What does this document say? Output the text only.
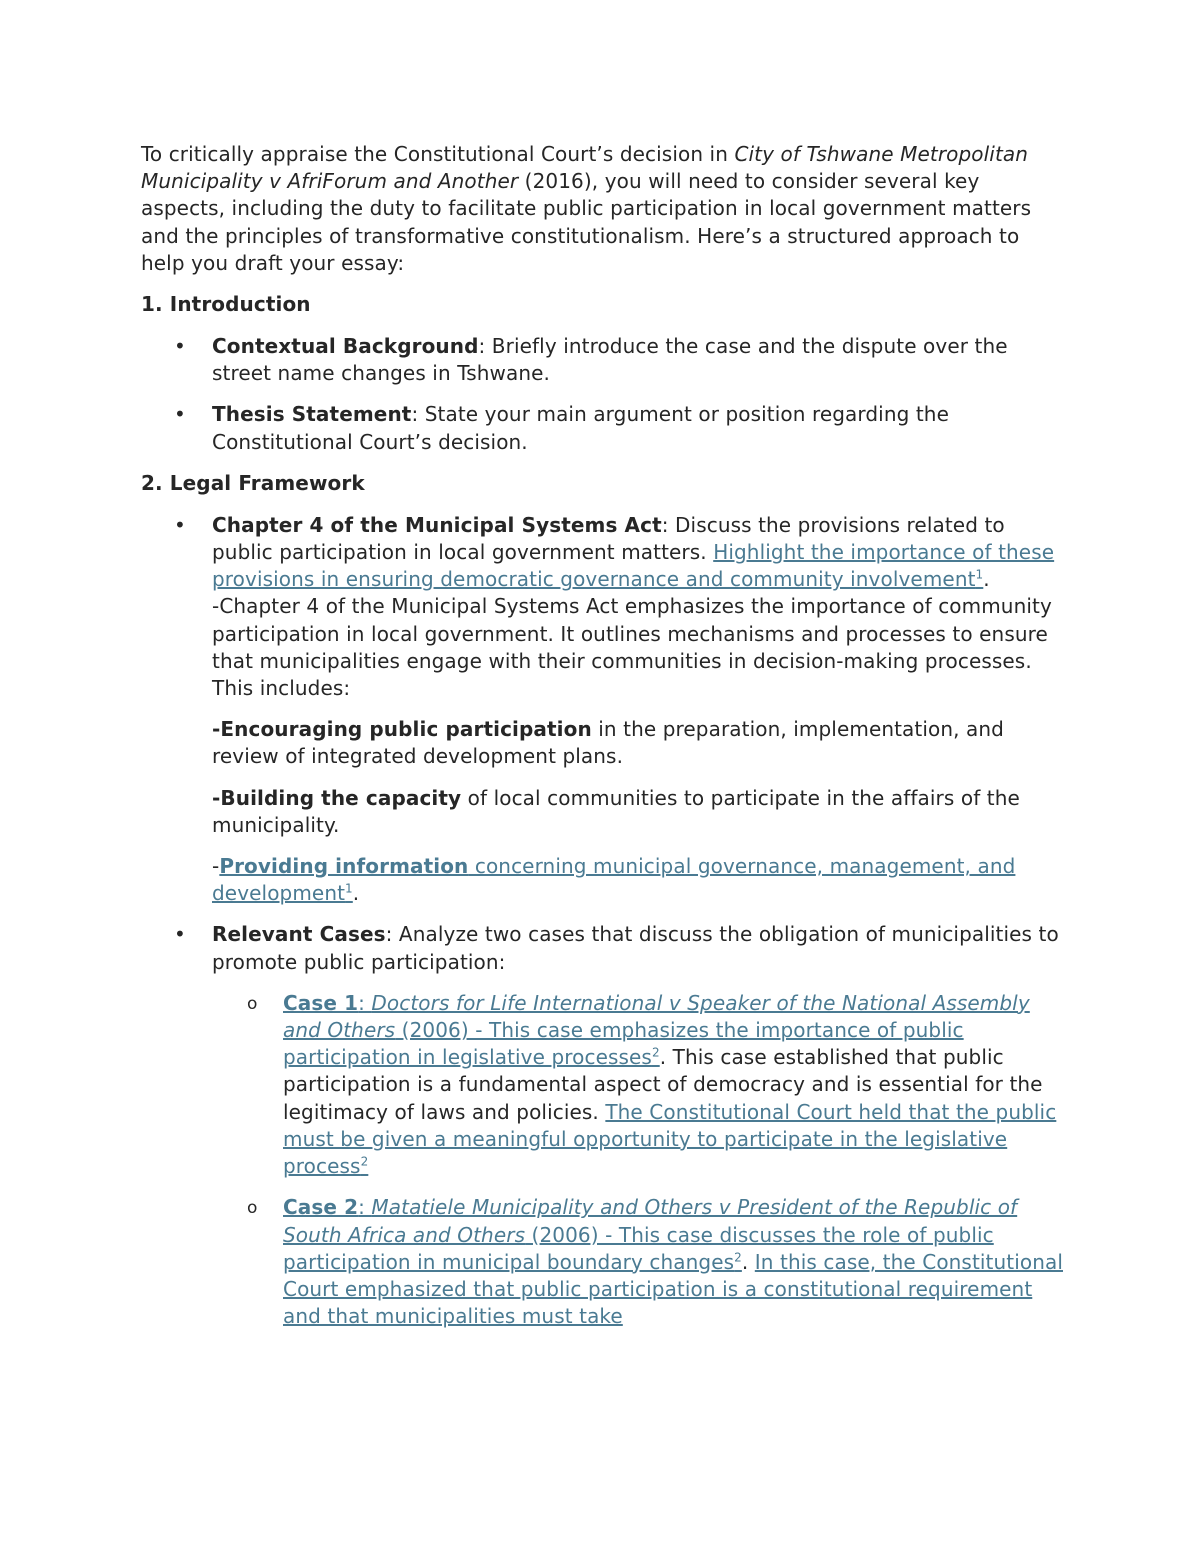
To critically appraise the Constitutional Court’s decision in City of Tshwane Metropolitan Municipality v AfriForum and Another (2016), you will need to consider several key aspects, including the duty to facilitate public participation in local government matters and the principles of transformative constitutionalism. Here’s a structured approach to help you draft your essay:

1. Introduction
• Contextual Background: Briefly introduce the case and the dispute over the street name changes in Tshwane.
• Thesis Statement: State your main argument or position regarding the Constitutional Court’s decision.
2. Legal Framework
• Chapter 4 of the Municipal Systems Act: Discuss the provisions related to public participation in local government matters. Highlight the importance of these provisions in ensuring democratic governance and community involvement$^1$.
-Chapter 4 of the Municipal Systems Act emphasizes the importance of community participation in local government. It outlines mechanisms and processes to ensure that municipalities engage with their communities in decision-making processes. This includes:

-Encouraging public participation in the preparation, implementation, and review of integrated development plans.

-Building the capacity of local communities to participate in the affairs of the municipality.

-Providing information concerning municipal governance, management, and development$^1$.

• Relevant Cases: Analyze two cases that discuss the obligation of municipalities to promote public participation:
o Case 1: Doctors for Life International v Speaker of the National Assembly and Others (2006) - This case emphasizes the importance of public participation in legislative processes$^2$. This case established that public participation is a fundamental aspect of democracy and is essential for the legitimacy of laws and policies. The Constitutional Court held that the public must be given a meaningful opportunity to participate in the legislative process$^2$
o Case 2: Matatiele Municipality and Others v President of the Republic of South Africa and Others (2006) - This case discusses the role of public participation in municipal boundary changes$^2$. In this case, the Constitutional Court emphasized that public participation is a constitutional requirement and that municipalities must take
